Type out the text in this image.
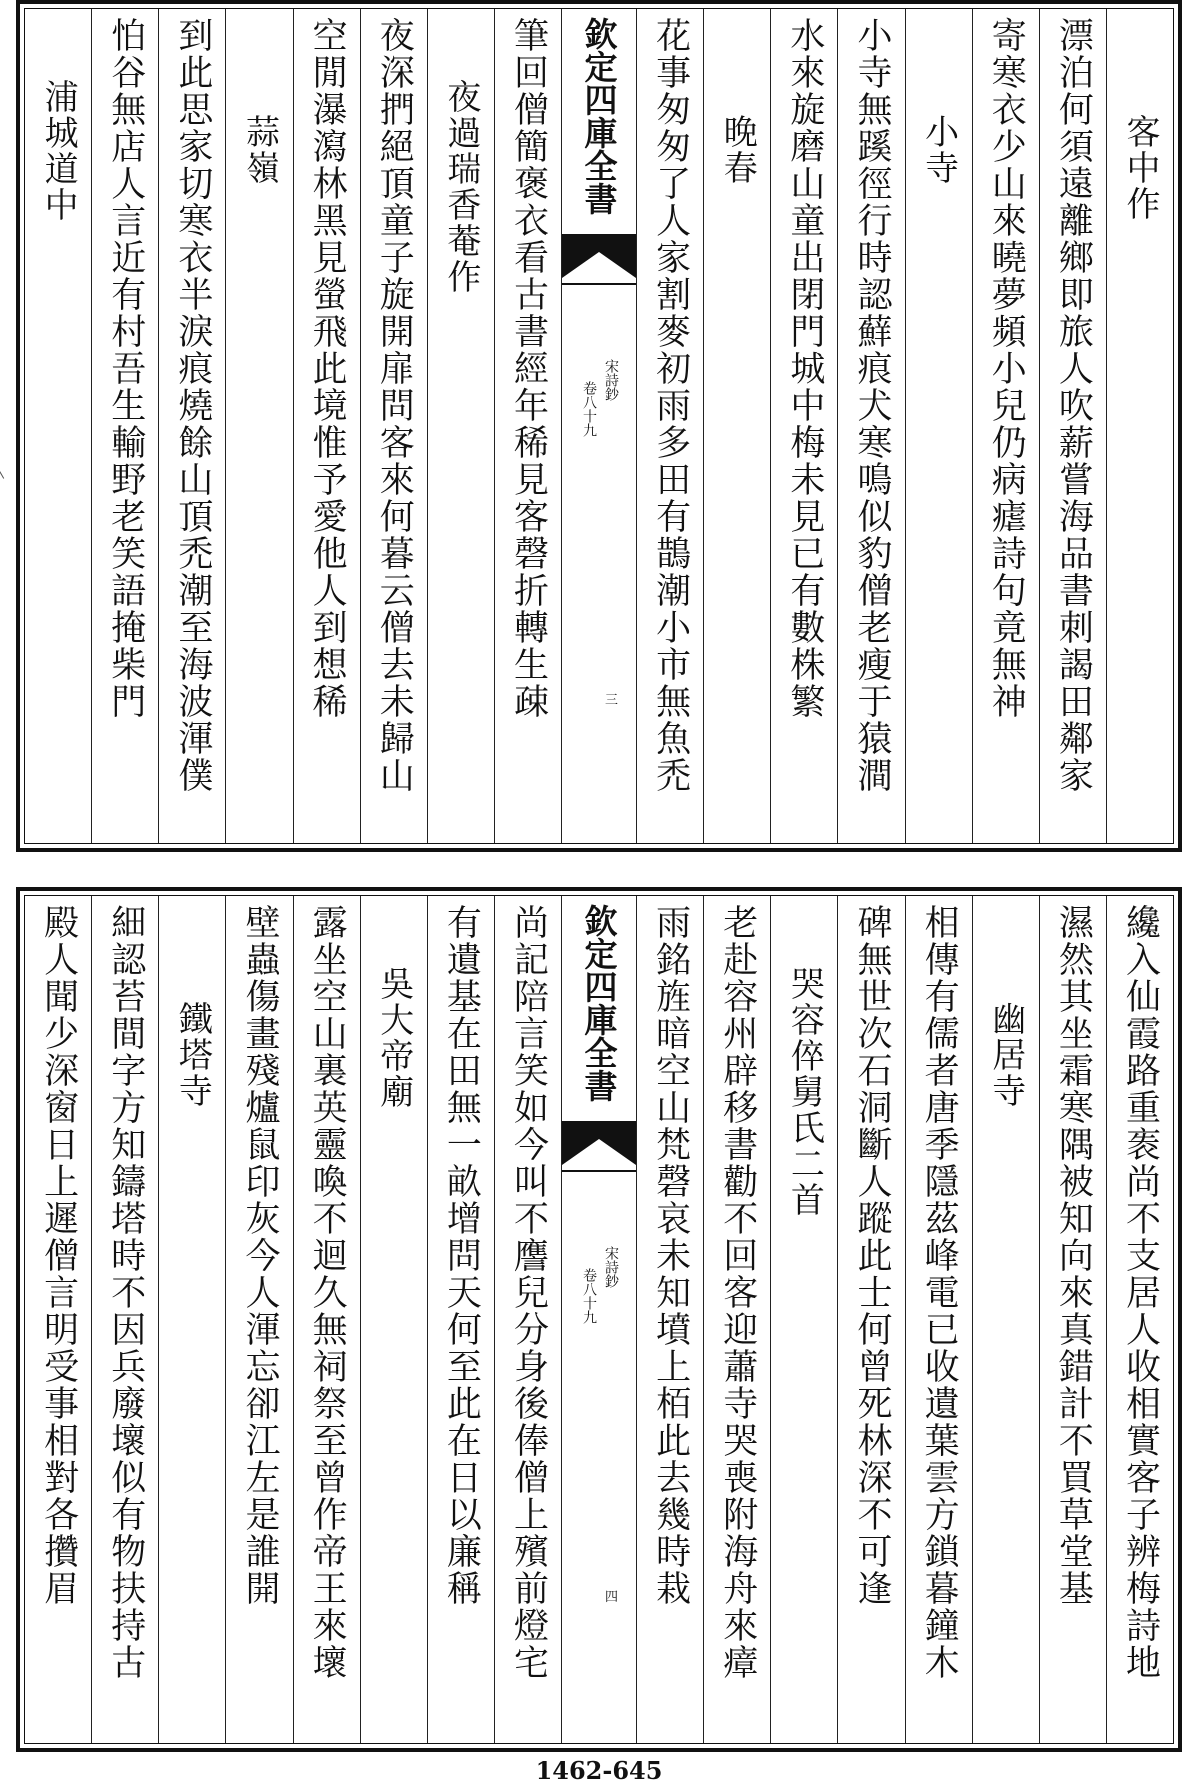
客中作
漂泊何須遠離鄉即旅人吹薪嘗海品書刺謁田鄰家
寄寒衣少山來曉夢頻小兒仍病瘧詩句竟無神
小寺
小寺無蹊徑行時認蘚痕犬寒鳴似豹僧老瘦于猿澗
水來旋磨山童出閉門城中梅未見已有數株繁
晚春
花事匆匆了人家割麥初雨多田有鵲潮小市無魚禿
欽定四庫全書
宋詩鈔
卷八十九
三
筆回僧簡褒衣看古書經年稀見客磬折轉生疎
夜過瑞香菴作
夜深捫絕頂童子旋開扉問客來何暮云僧去未歸山
空閒瀑瀉林黑見螢飛此境惟予愛他人到想稀
蒜嶺
到此思家切寒衣半淚痕燒餘山頂禿潮至海波渾僕
怕谷無店人言近有村吾生輸野老笑語掩柴門
浦城道中
纔入仙霞路重袠尚不支居人收相實客子辨梅詩地
濕然其坐霜寒隅被知向來真錯計不買草堂基
幽居寺
相傳有儒者唐季隱茲峰電已收遺葉雲方鎖暮鐘木
碑無世次石洞斷人蹤此士何曾死林深不可逢
哭容倅舅氏二首
老赴容州辟移書勸不回客迎蕭寺哭喪附海舟來瘴
雨銘旌暗空山梵磬哀未知墳上栢此去幾時栽
欽定四庫全書
宋詩鈔
卷八十九
四
尚記陪言笑如今叫不譍兒分身後俸僧上殯前燈宅
有遺基在田無一畝增問天何至此在日以廉稱
吳大帝廟
露坐空山裏英靈喚不迴久無祠祭至曾作帝王來壞
壁蟲傷畫殘爐鼠印灰今人渾忘卻江左是誰開
鐵塔寺
細認苔間字方知鑄塔時不因兵廢壞似有物扶持古
殿人聞少深窗日上遲僧言明受事相對各攢眉
1462-645
